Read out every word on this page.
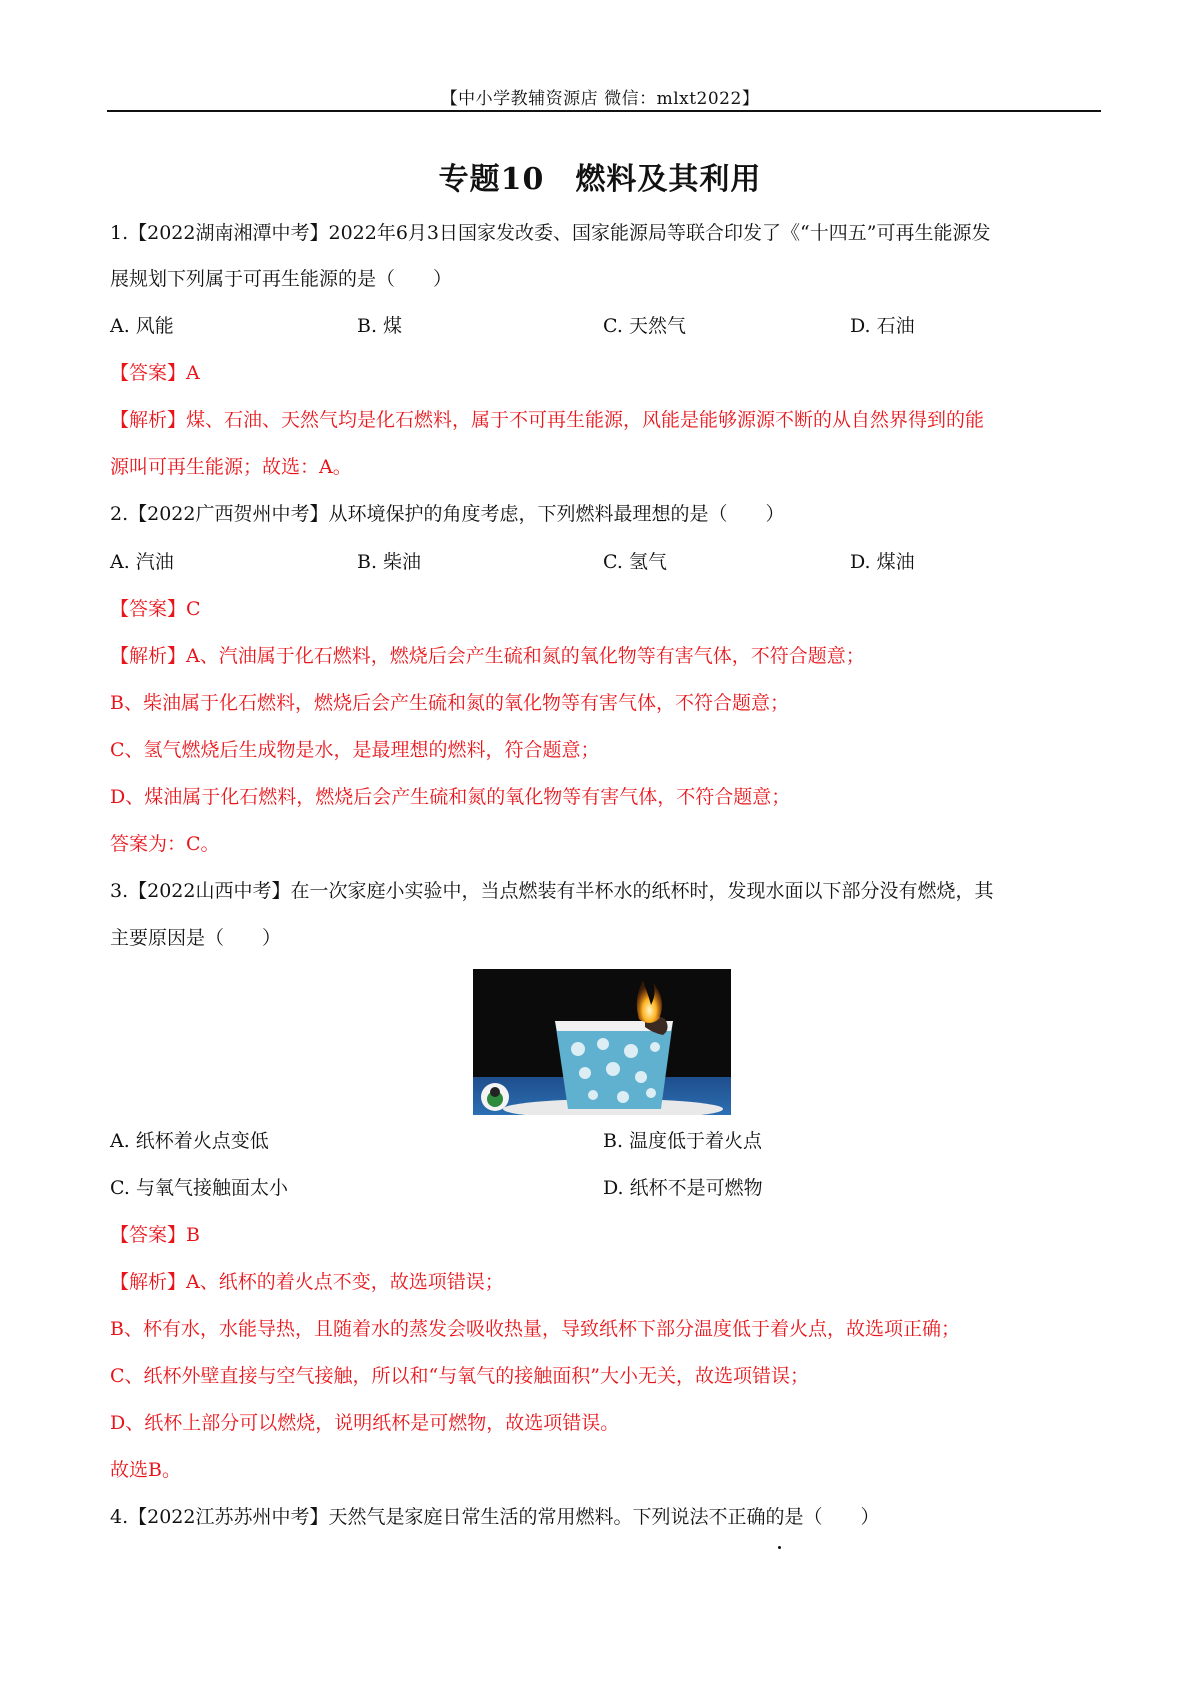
【中小学教辅资源店 微信：mlxt2022】
专题10　燃料及其利用
1.【2022湖南湘潭中考】2022年6月3日国家发改委、国家能源局等联合印发了《“十四五”可再生能源发
展规划下列属于可再生能源的是（　　）
A. 风能	B. 煤	C. 天然气	D. 石油
【答案】A
【解析】煤、石油、天然气均是化石燃料，属于不可再生能源，风能是能够源源不断的从自然界得到的能
源叫可再生能源；故选：A。
2.【2022广西贺州中考】从环境保护的角度考虑，下列燃料最理想的是（　　）
A. 汽油	B. 柴油	C. 氢气	D. 煤油
【答案】C
【解析】A、汽油属于化石燃料，燃烧后会产生硫和氮的氧化物等有害气体，不符合题意；
B、柴油属于化石燃料，燃烧后会产生硫和氮的氧化物等有害气体，不符合题意；
C、氢气燃烧后生成物是水，是最理想的燃料，符合题意；
D、煤油属于化石燃料，燃烧后会产生硫和氮的氧化物等有害气体，不符合题意；
答案为：C。
3.【2022山西中考】在一次家庭小实验中，当点燃装有半杯水的纸杯时，发现水面以下部分没有燃烧，其
主要原因是（　　）
A. 纸杯着火点变低	B. 温度低于着火点
C. 与氧气接触面太小	D. 纸杯不是可燃物
【答案】B
【解析】A、纸杯的着火点不变，故选项错误；
B、杯有水，水能导热，且随着水的蒸发会吸收热量，导致纸杯下部分温度低于着火点，故选项正确；
C、纸杯外壁直接与空气接触，所以和“与氧气的接触面积”大小无关，故选项错误；
D、纸杯上部分可以燃烧，说明纸杯是可燃物，故选项错误。
故选B。
4.【2022江苏苏州中考】天然气是家庭日常生活的常用燃料。下列说法不正确的是（　　）
